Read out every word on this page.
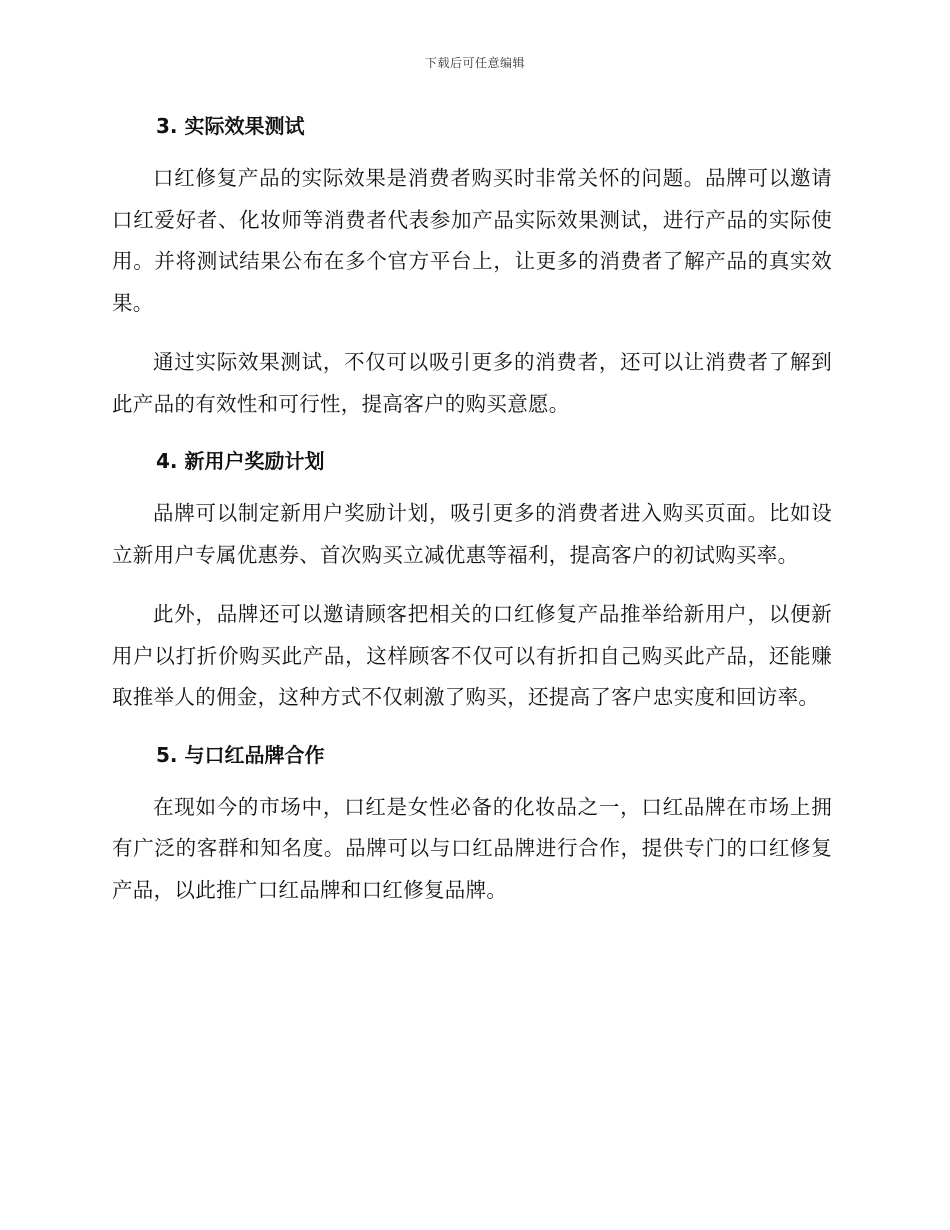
下载后可任意编辑
3. 实际效果测试

口红修复产品的实际效果是消费者购买时非常关怀的问题。品牌可以邀请口红爱好者、化妆师等消费者代表参加产品实际效果测试，进行产品的实际使用。并将测试结果公布在多个官方平台上，让更多的消费者了解产品的真实效果。

通过实际效果测试，不仅可以吸引更多的消费者，还可以让消费者了解到此产品的有效性和可行性，提高客户的购买意愿。

4. 新用户奖励计划

品牌可以制定新用户奖励计划，吸引更多的消费者进入购买页面。比如设立新用户专属优惠券、首次购买立减优惠等福利，提高客户的初试购买率。

此外，品牌还可以邀请顾客把相关的口红修复产品推举给新用户，以便新用户以打折价购买此产品，这样顾客不仅可以有折扣自己购买此产品，还能赚取推举人的佣金，这种方式不仅刺激了购买，还提高了客户忠实度和回访率。

5. 与口红品牌合作

在现如今的市场中，口红是女性必备的化妆品之一，口红品牌在市场上拥有广泛的客群和知名度。品牌可以与口红品牌进行合作，提供专门的口红修复产品，以此推广口红品牌和口红修复品牌。
